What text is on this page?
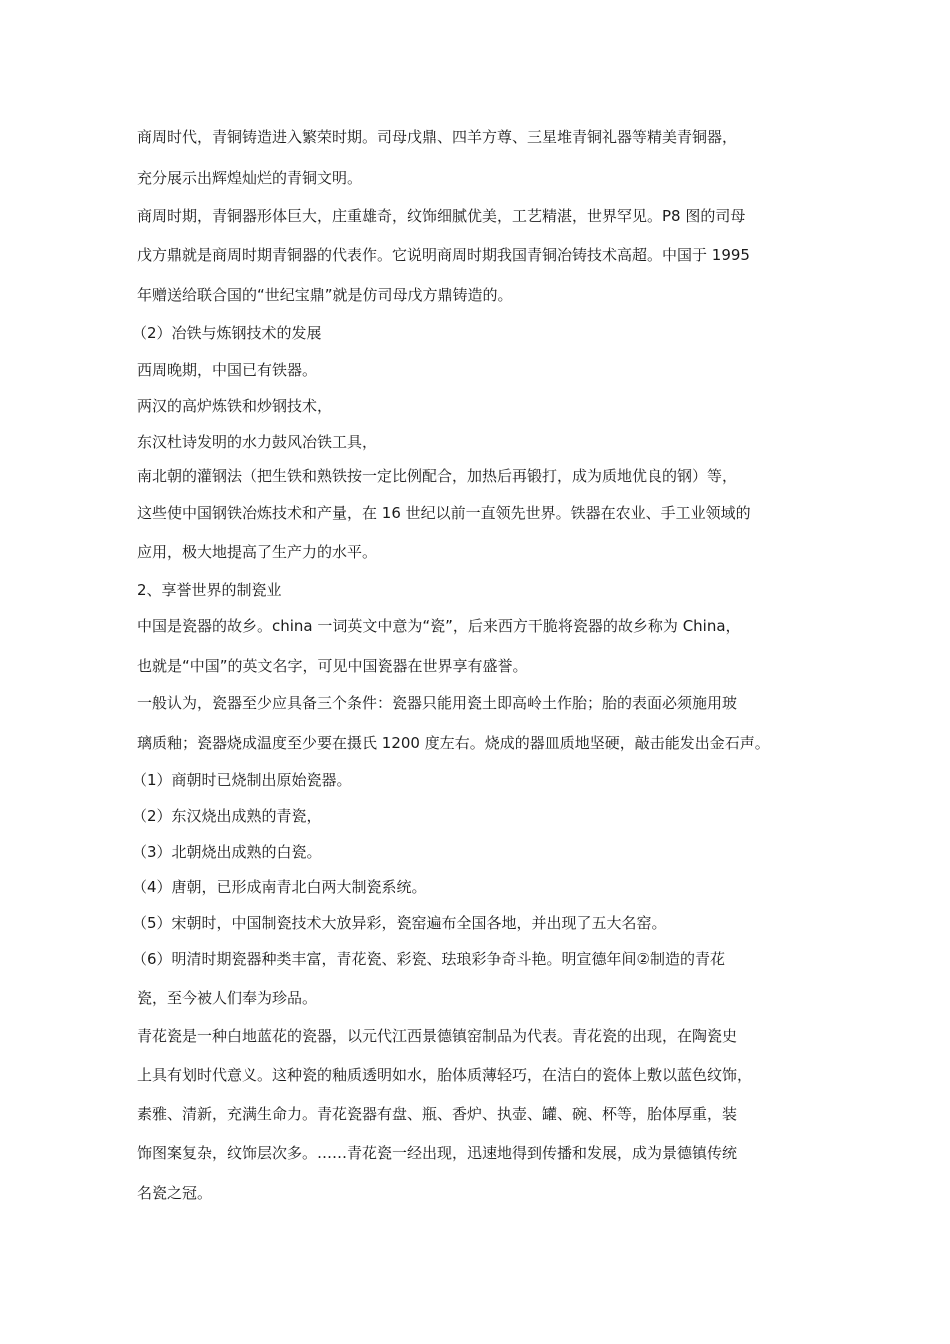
商周时代，青铜铸造进入繁荣时期。司母戊鼎、四羊方尊、三星堆青铜礼器等精美青铜器，
充分展示出辉煌灿烂的青铜文明。
商周时期，青铜器形体巨大，庄重雄奇，纹饰细腻优美，工艺精湛，世界罕见。P8 图的司母
戊方鼎就是商周时期青铜器的代表作。它说明商周时期我国青铜冶铸技术高超。中国于 1995
年赠送给联合国的“世纪宝鼎”就是仿司母戊方鼎铸造的。
（2）冶铁与炼钢技术的发展
西周晚期，中国已有铁器。
两汉的高炉炼铁和炒钢技术，
东汉杜诗发明的水力鼓风冶铁工具，
南北朝的灌钢法（把生铁和熟铁按一定比例配合，加热后再锻打，成为质地优良的钢）等，
这些使中国钢铁冶炼技术和产量，在 16 世纪以前一直领先世界。铁器在农业、手工业领域的
应用，极大地提高了生产力的水平。
2、享誉世界的制瓷业
中国是瓷器的故乡。china 一词英文中意为“瓷”，后来西方干脆将瓷器的故乡称为 China，
也就是“中国”的英文名字，可见中国瓷器在世界享有盛誉。
一般认为，瓷器至少应具备三个条件：瓷器只能用瓷土即高岭土作胎；胎的表面必须施用玻
璃质釉；瓷器烧成温度至少要在摄氏 1200 度左右。烧成的器皿质地坚硬，敲击能发出金石声。
（1）商朝时已烧制出原始瓷器。
（2）东汉烧出成熟的青瓷，
（3）北朝烧出成熟的白瓷。
（4）唐朝，已形成南青北白两大制瓷系统。
（5）宋朝时，中国制瓷技术大放异彩，瓷窑遍布全国各地，并出现了五大名窑。
（6）明清时期瓷器种类丰富，青花瓷、彩瓷、珐琅彩争奇斗艳。明宣德年间②制造的青花
瓷，至今被人们奉为珍品。
青花瓷是一种白地蓝花的瓷器，以元代江西景德镇窑制品为代表。青花瓷的出现，在陶瓷史
上具有划时代意义。这种瓷的釉质透明如水，胎体质薄轻巧，在洁白的瓷体上敷以蓝色纹饰，
素雅、清新，充满生命力。青花瓷器有盘、瓶、香炉、执壶、罐、碗、杯等，胎体厚重，装
饰图案复杂，纹饰层次多。……青花瓷一经出现，迅速地得到传播和发展，成为景德镇传统
名瓷之冠。
